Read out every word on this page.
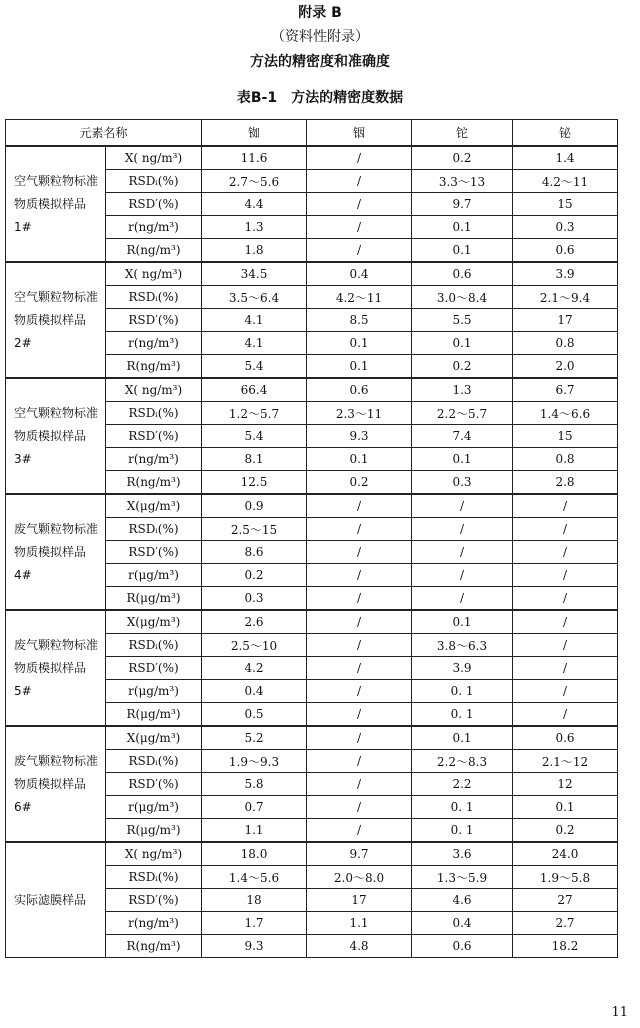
附录 B
（资料性附录）
方法的精密度和准确度
表B-1　方法的精密度数据
元素名称		铷	铟	铊	铋
空气颗粒物标准物质模拟样品1#	X( ng/m³)	11.6	/	0.2	1.4
	RSDᵢ(%)	2.7～5.6	/	3.3～13	4.2～11
	RSD′(%)	4.4	/	9.7	15
	r(ng/m³)	1.3	/	0.1	0.3
	R(ng/m³)	1.8	/	0.1	0.6
空气颗粒物标准物质模拟样品2#	X( ng/m³)	34.5	0.4	0.6	3.9
	RSDᵢ(%)	3.5～6.4	4.2～11	3.0～8.4	2.1～9.4
	RSD′(%)	4.1	8.5	5.5	17
	r(ng/m³)	4.1	0.1	0.1	0.8
	R(ng/m³)	5.4	0.1	0.2	2.0
空气颗粒物标准物质模拟样品3#	X( ng/m³)	66.4	0.6	1.3	6.7
	RSDᵢ(%)	1.2～5.7	2.3～11	2.2～5.7	1.4～6.6
	RSD′(%)	5.4	9.3	7.4	15
	r(ng/m³)	8.1	0.1	0.1	0.8
	R(ng/m³)	12.5	0.2	0.3	2.8
废气颗粒物标准物质模拟样品4#	X(μg/m³)	0.9	/	/	/
	RSDᵢ(%)	2.5～15	/	/	/
	RSD′(%)	8.6	/	/	/
	r(μg/m³)	0.2	/	/	/
	R(μg/m³)	0.3	/	/	/
废气颗粒物标准物质模拟样品5#	X(μg/m³)	2.6	/	0.1	/
	RSDᵢ(%)	2.5～10	/	3.8～6.3	/
	RSD′(%)	4.2	/	3.9	/
	r(μg/m³)	0.4	/	0. 1	/
	R(μg/m³)	0.5	/	0. 1	/
废气颗粒物标准物质模拟样品6#	X(μg/m³)	5.2	/	0.1	0.6
	RSDᵢ(%)	1.9～9.3	/	2.2～8.3	2.1～12
	RSD′(%)	5.8	/	2.2	12
	r(μg/m³)	0.7	/	0. 1	0.1
	R(μg/m³)	1.1	/	0. 1	0.2
实际滤膜样品	X( ng/m³)	18.0	9.7	3.6	24.0
	RSDᵢ(%)	1.4～5.6	2.0～8.0	1.3～5.9	1.9～5.8
	RSD′(%)	18	17	4.6	27
	r(ng/m³)	1.7	1.1	0.4	2.7
	R(ng/m³)	9.3	4.8	0.6	18.2
11
